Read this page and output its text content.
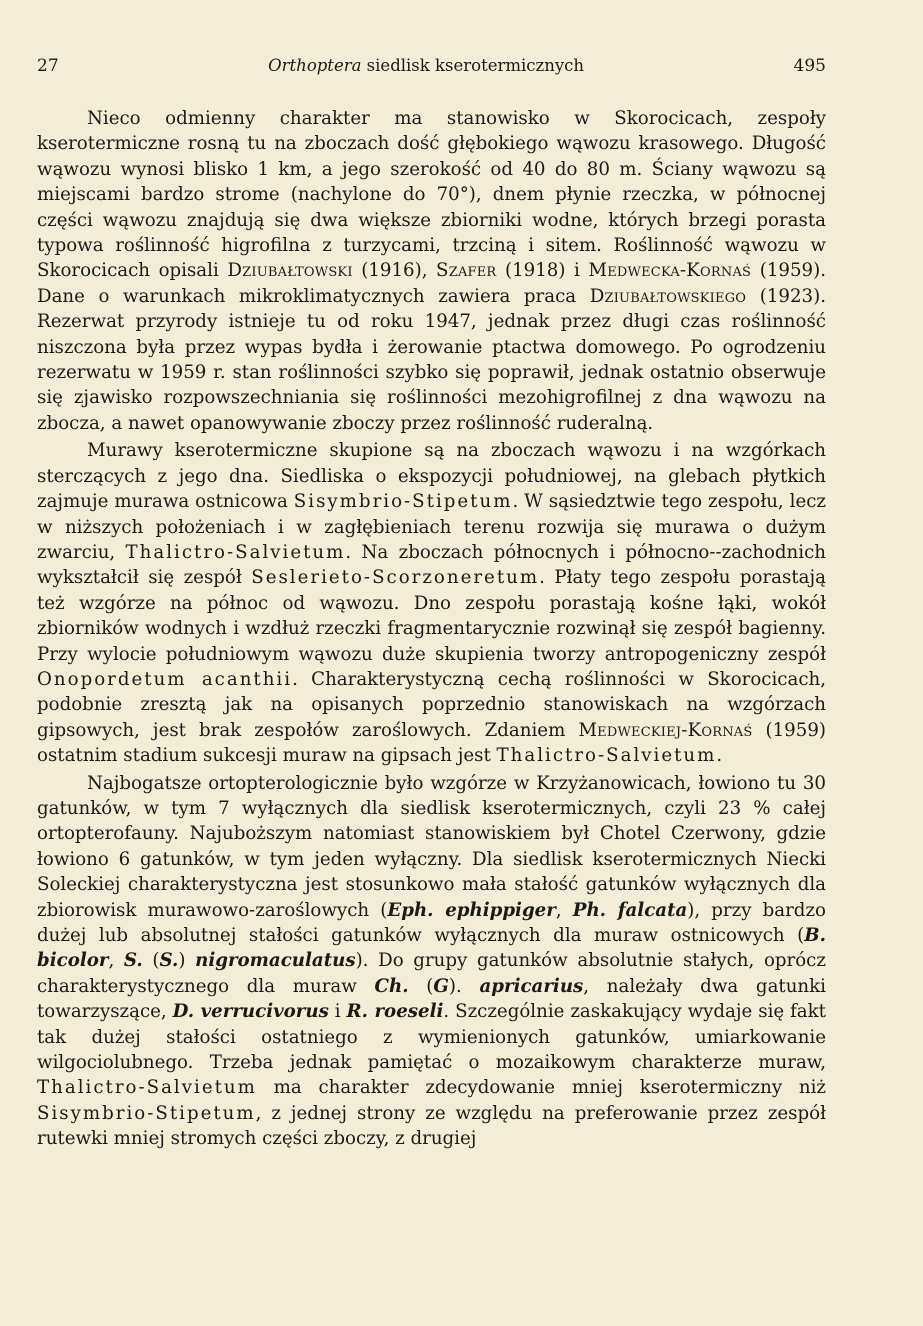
27	Orthoptera siedlisk kserotermicznych	495

Nieco odmienny charakter ma stanowisko w Skorocicach, zespoły kserotermiczne rosną tu na zboczach dość głębokiego wąwozu krasowego. Długość wąwozu wynosi blisko 1 km, a jego szerokość od 40 do 80 m. Ściany wąwozu są miejscami bardzo strome (nachylone do 70°), dnem płynie rzeczka, w północnej części wąwozu znajdują się dwa większe zbiorniki wodne, których brzegi porasta typowa roślinność higrofilna z turzycami, trzciną i sitem. Roślinność wąwozu w Skorocicach opisali Dziubałtowski (1916), Szafer (1918) i Medwecka-Kornaś (1959). Dane o warunkach mikroklimatycznych zawiera praca Dziubałtowskiego (1923). Rezerwat przyrody istnieje tu od roku 1947, jednak przez długi czas roślinność niszczona była przez wypas bydła i żerowanie ptactwa domowego. Po ogrodzeniu rezerwatu w 1959 r. stan roślinności szybko się poprawił, jednak ostatnio obserwuje się zjawisko rozpowszechniania się roślinności mezohigrofilnej z dna wąwozu na zbocza, a nawet opanowywanie zboczy przez roślinność ruderalną.

Murawy kserotermiczne skupione są na zboczach wąwozu i na wzgórkach sterczących z jego dna. Siedliska o ekspozycji południowej, na glebach płytkich zajmuje murawa ostnicowa Sisymbrio-Stipetum. W sąsiedztwie tego zespołu, lecz w niższych położeniach i w zagłębieniach terenu rozwija się murawa o dużym zwarciu, Thalictro-Salvietum. Na zboczach północnych i północno--zachodnich wykształcił się zespół Seslerieto-Scorzoneretum. Płaty tego zespołu porastają też wzgórze na północ od wąwozu. Dno zespołu porastają kośne łąki, wokół zbiorników wodnych i wzdłuż rzeczki fragmentarycznie rozwinął się zespół bagienny. Przy wylocie południowym wąwozu duże skupienia tworzy antropogeniczny zespół Onopordetum acanthii. Charakterystyczną cechą roślinności w Skorocicach, podobnie zresztą jak na opisanych poprzednio stanowiskach na wzgórzach gipsowych, jest brak zespołów zaroślowych. Zdaniem Medweckiej-Kornaś (1959) ostatnim stadium sukcesji muraw na gipsach jest Thalictro-Salvietum.

Najbogatsze ortopterologicznie było wzgórze w Krzyżanowicach, łowiono tu 30 gatunków, w tym 7 wyłącznych dla siedlisk kserotermicznych, czyli 23 % całej ortopterofauny. Najuboższym natomiast stanowiskiem był Chotel Czerwony, gdzie łowiono 6 gatunków, w tym jeden wyłączny. Dla siedlisk kserotermicznych Niecki Soleckiej charakterystyczna jest stosunkowo mała stałość gatunków wyłącznych dla zbiorowisk murawowo-zaroślowych (Eph. ephippiger, Ph. falcata), przy bardzo dużej lub absolutnej stałości gatunków wyłącznych dla muraw ostnicowych (B. bicolor, S. (S.) nigromaculatus). Do grupy gatunków absolutnie stałych, oprócz charakterystycznego dla muraw Ch. (G). apricarius, należały dwa gatunki towarzyszące, D. verrucivorus i R. roeseli. Szczególnie zaskakujący wydaje się fakt tak dużej stałości ostatniego z wymienionych gatunków, umiarkowanie wilgociolubnego. Trzeba jednak pamiętać o mozaikowym charakterze muraw, Thalictro-Salvietum ma charakter zdecydowanie mniej kserotermiczny niż Sisymbrio-Stipetum, z jednej strony ze względu na preferowanie przez zespół rutewki mniej stromych części zboczy, z drugiej
